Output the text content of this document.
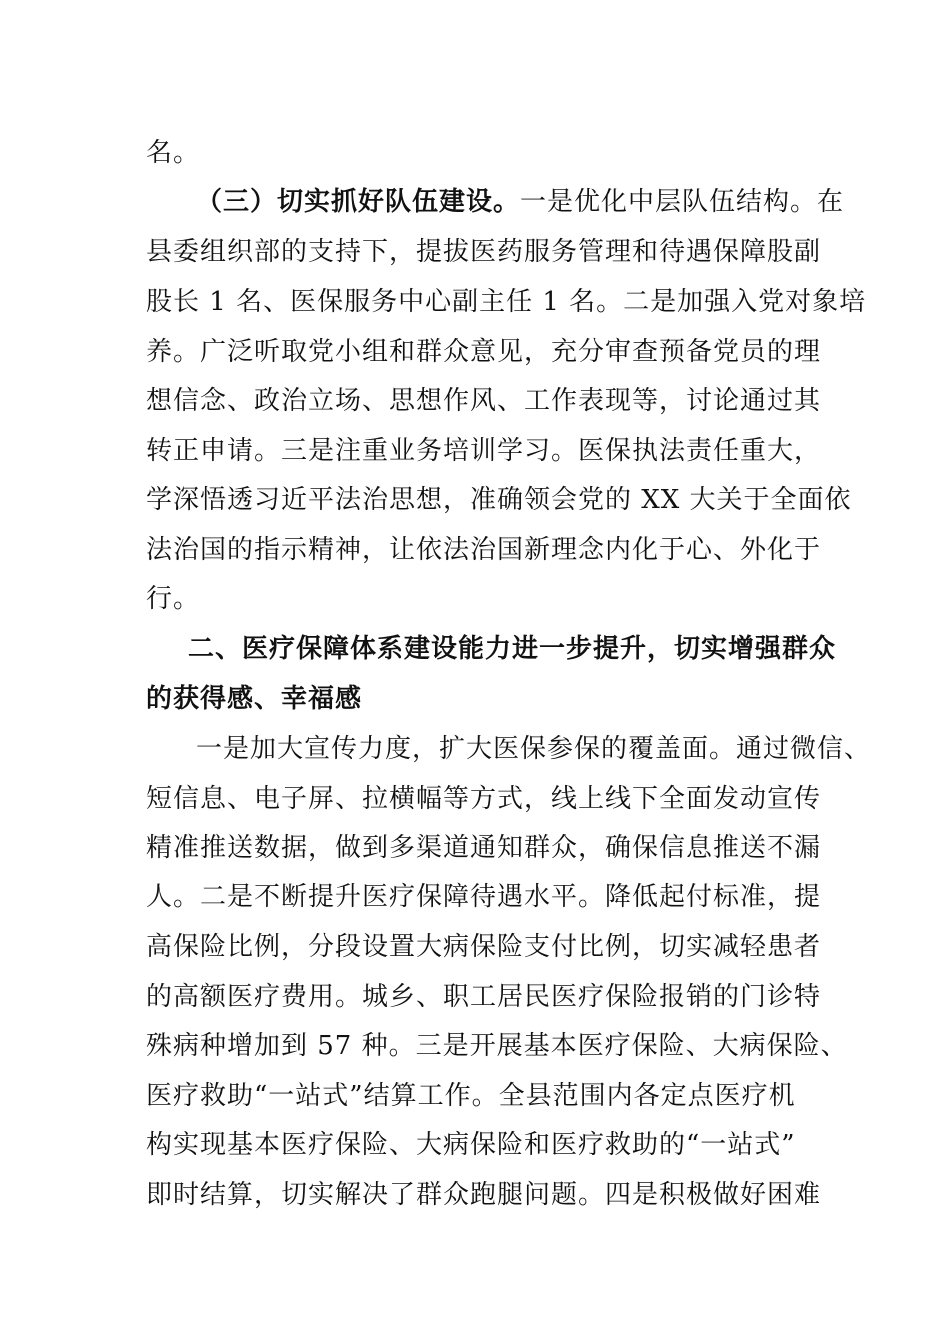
名。
（三）切实抓好队伍建设。一是优化中层队伍结构。在
县委组织部的支持下，提拔医药服务管理和待遇保障股副
股长 1 名、医保服务中心副主任 1 名。二是加强入党对象培
养。广泛听取党小组和群众意见，充分审查预备党员的理
想信念、政治立场、思想作风、工作表现等，讨论通过其
转正申请。三是注重业务培训学习。医保执法责任重大，
学深悟透习近平法治思想，准确领会党的 XX 大关于全面依
法治国的指示精神，让依法治国新理念内化于心、外化于
行。
二、医疗保障体系建设能力进一步提升，切实增强群众
的获得感、幸福感
一是加大宣传力度，扩大医保参保的覆盖面。通过微信、
短信息、电子屏、拉横幅等方式，线上线下全面发动宣传
精准推送数据，做到多渠道通知群众，确保信息推送不漏
人。二是不断提升医疗保障待遇水平。降低起付标准，提
高保险比例，分段设置大病保险支付比例，切实减轻患者
的高额医疗费用。城乡、职工居民医疗保险报销的门诊特
殊病种增加到 57 种。三是开展基本医疗保险、大病保险、
医疗救助“一站式”结算工作。全县范围内各定点医疗机
构实现基本医疗保险、大病保险和医疗救助的“一站式”
即时结算，切实解决了群众跑腿问题。四是积极做好困难
